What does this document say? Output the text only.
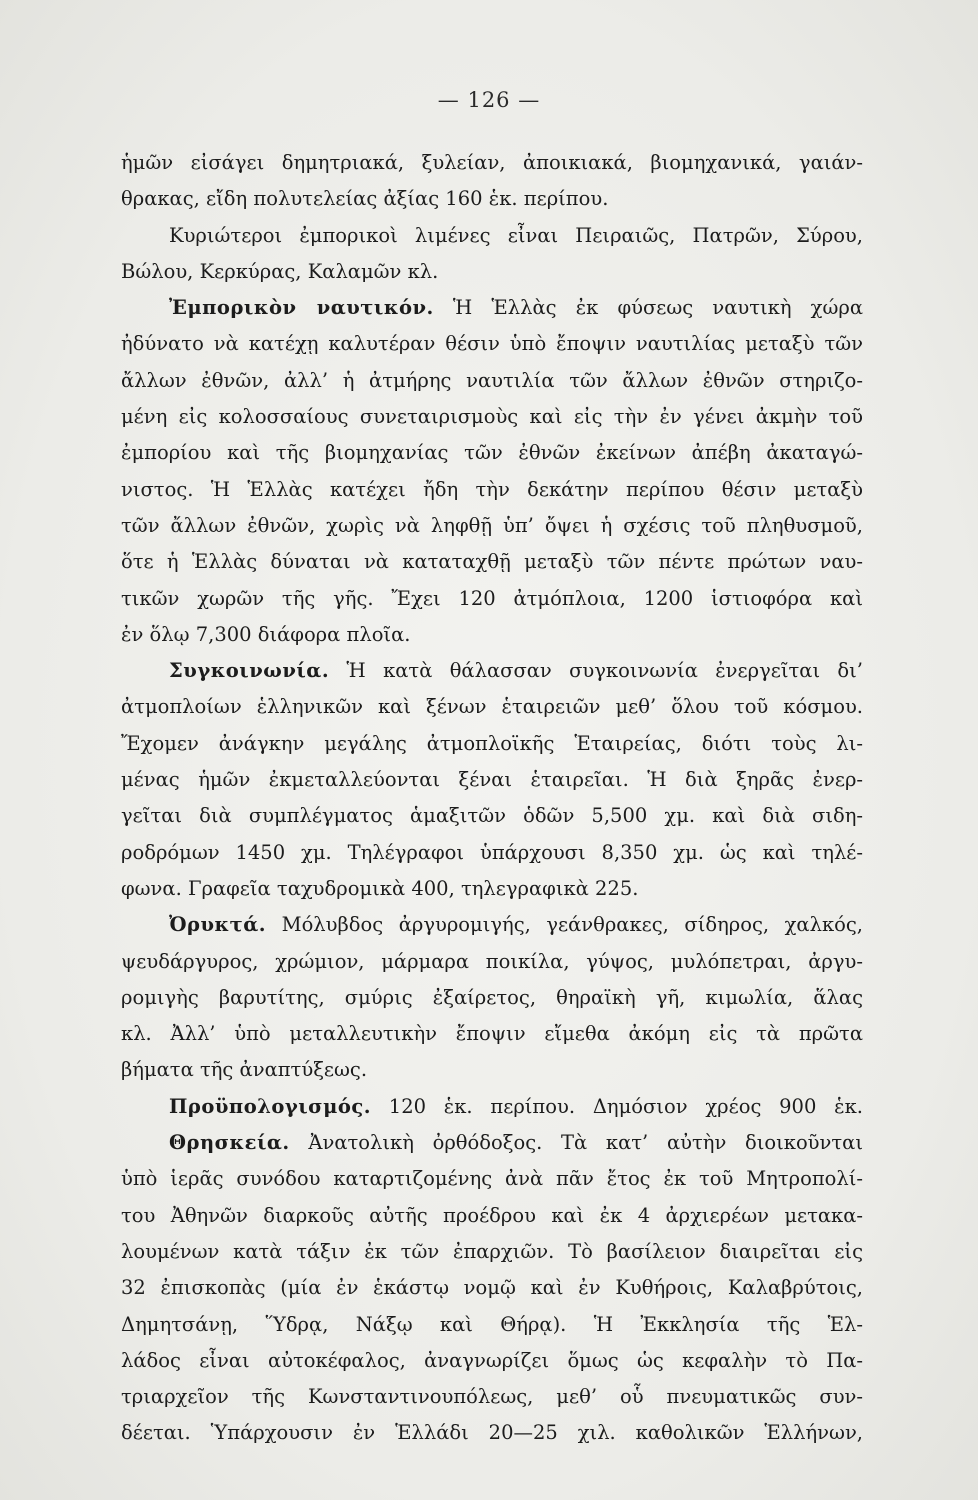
— 126 —
ἡμῶν εἰσάγει δημητριακά, ξυλείαν, ἀποικιακά, βιομηχανικά, γαιάν-
θρακας, εἴδη πολυτελείας ἀξίας 160 ἑκ. περίπου.
Κυριώτεροι ἐμπορικοὶ λιμένες εἶναι Πειραιῶς, Πατρῶν, Σύρου,
Βώλου, Κερκύρας, Καλαμῶν κλ.
Ἐμπορικὸν ναυτικόν. Ἡ Ἑλλὰς ἐκ φύσεως ναυτικὴ χώρα
ἠδύνατο νὰ κατέχῃ καλυτέραν θέσιν ὑπὸ ἔποψιν ναυτιλίας μεταξὺ τῶν
ἄλλων ἐθνῶν, ἀλλ’ ἡ ἀτμήρης ναυτιλία τῶν ἄλλων ἐθνῶν στηριζο-
μένη εἰς κολοσσαίους συνεταιρισμοὺς καὶ εἰς τὴν ἐν γένει ἀκμὴν τοῦ
ἐμπορίου καὶ τῆς βιομηχανίας τῶν ἐθνῶν ἐκείνων ἀπέβη ἀκαταγώ-
νιστος. Ἡ Ἑλλὰς κατέχει ἤδη τὴν δεκάτην περίπου θέσιν μεταξὺ
τῶν ἄλλων ἐθνῶν, χωρὶς νὰ ληφθῇ ὑπ’ ὄψει ἡ σχέσις τοῦ πληθυσμοῦ,
ὅτε ἡ Ἑλλὰς δύναται νὰ καταταχθῇ μεταξὺ τῶν πέντε πρώτων ναυ-
τικῶν χωρῶν τῆς γῆς. Ἔχει 120 ἀτμόπλοια, 1200 ἱστιοφόρα καὶ
ἐν ὅλῳ 7,300 διάφορα πλοῖα.
Συγκοινωνία. Ἡ κατὰ θάλασσαν συγκοινωνία ἐνεργεῖται δι’
ἀτμοπλοίων ἑλληνικῶν καὶ ξένων ἑταιρειῶν μεθ’ ὅλου τοῦ κόσμου.
Ἔχομεν ἀνάγκην μεγάλης ἀτμοπλοϊκῆς Ἑταιρείας, διότι τοὺς λι-
μένας ἡμῶν ἐκμεταλλεύονται ξέναι ἑταιρεῖαι. Ἡ διὰ ξηρᾶς ἐνερ-
γεῖται διὰ συμπλέγματος ἁμαξιτῶν ὁδῶν 5,500 χμ. καὶ διὰ σιδη-
ροδρόμων 1450 χμ. Τηλέγραφοι ὑπάρχουσι 8,350 χμ. ὡς καὶ τηλέ-
φωνα. Γραφεῖα ταχυδρομικὰ 400, τηλεγραφικὰ 225.
Ὀρυκτά. Μόλυβδος ἀργυρομιγής, γεάνθρακες, σίδηρος, χαλκός,
ψευδάργυρος, χρώμιον, μάρμαρα ποικίλα, γύψος, μυλόπετραι, ἀργυ-
ρομιγὴς βαρυτίτης, σμύρις ἐξαίρετος, θηραϊκὴ γῆ, κιμωλία, ἅλας
κλ. Ἀλλ’ ὑπὸ μεταλλευτικὴν ἔποψιν εἴμεθα ἀκόμη εἰς τὰ πρῶτα
βήματα τῆς ἀναπτύξεως.
Προϋπολογισμός. 120 ἑκ. περίπου. Δημόσιον χρέος 900 ἑκ.
Θρησκεία. Ἀνατολικὴ ὀρθόδοξος. Τὰ κατ’ αὐτὴν διοικοῦνται
ὑπὸ ἱερᾶς συνόδου καταρτιζομένης ἀνὰ πᾶν ἔτος ἐκ τοῦ Μητροπολί-
του Ἀθηνῶν διαρκοῦς αὐτῆς προέδρου καὶ ἐκ 4 ἀρχιερέων μετακα-
λουμένων κατὰ τάξιν ἐκ τῶν ἐπαρχιῶν. Τὸ βασίλειον διαιρεῖται εἰς
32 ἐπισκοπὰς (μία ἐν ἑκάστῳ νομῷ καὶ ἐν Κυθήροις, Καλαβρύτοις,
Δημητσάνῃ, Ὕδρᾳ, Νάξῳ καὶ Θήρᾳ). Ἡ Ἐκκλησία τῆς Ἑλ-
λάδος εἶναι αὐτοκέφαλος, ἀναγνωρίζει ὅμως ὡς κεφαλὴν τὸ Πα-
τριαρχεῖον τῆς Κωνσταντινουπόλεως, μεθ’ οὗ πνευματικῶς συν-
δέεται. Ὑπάρχουσιν ἐν Ἑλλάδι 20—25 χιλ. καθολικῶν Ἑλλήνων,
